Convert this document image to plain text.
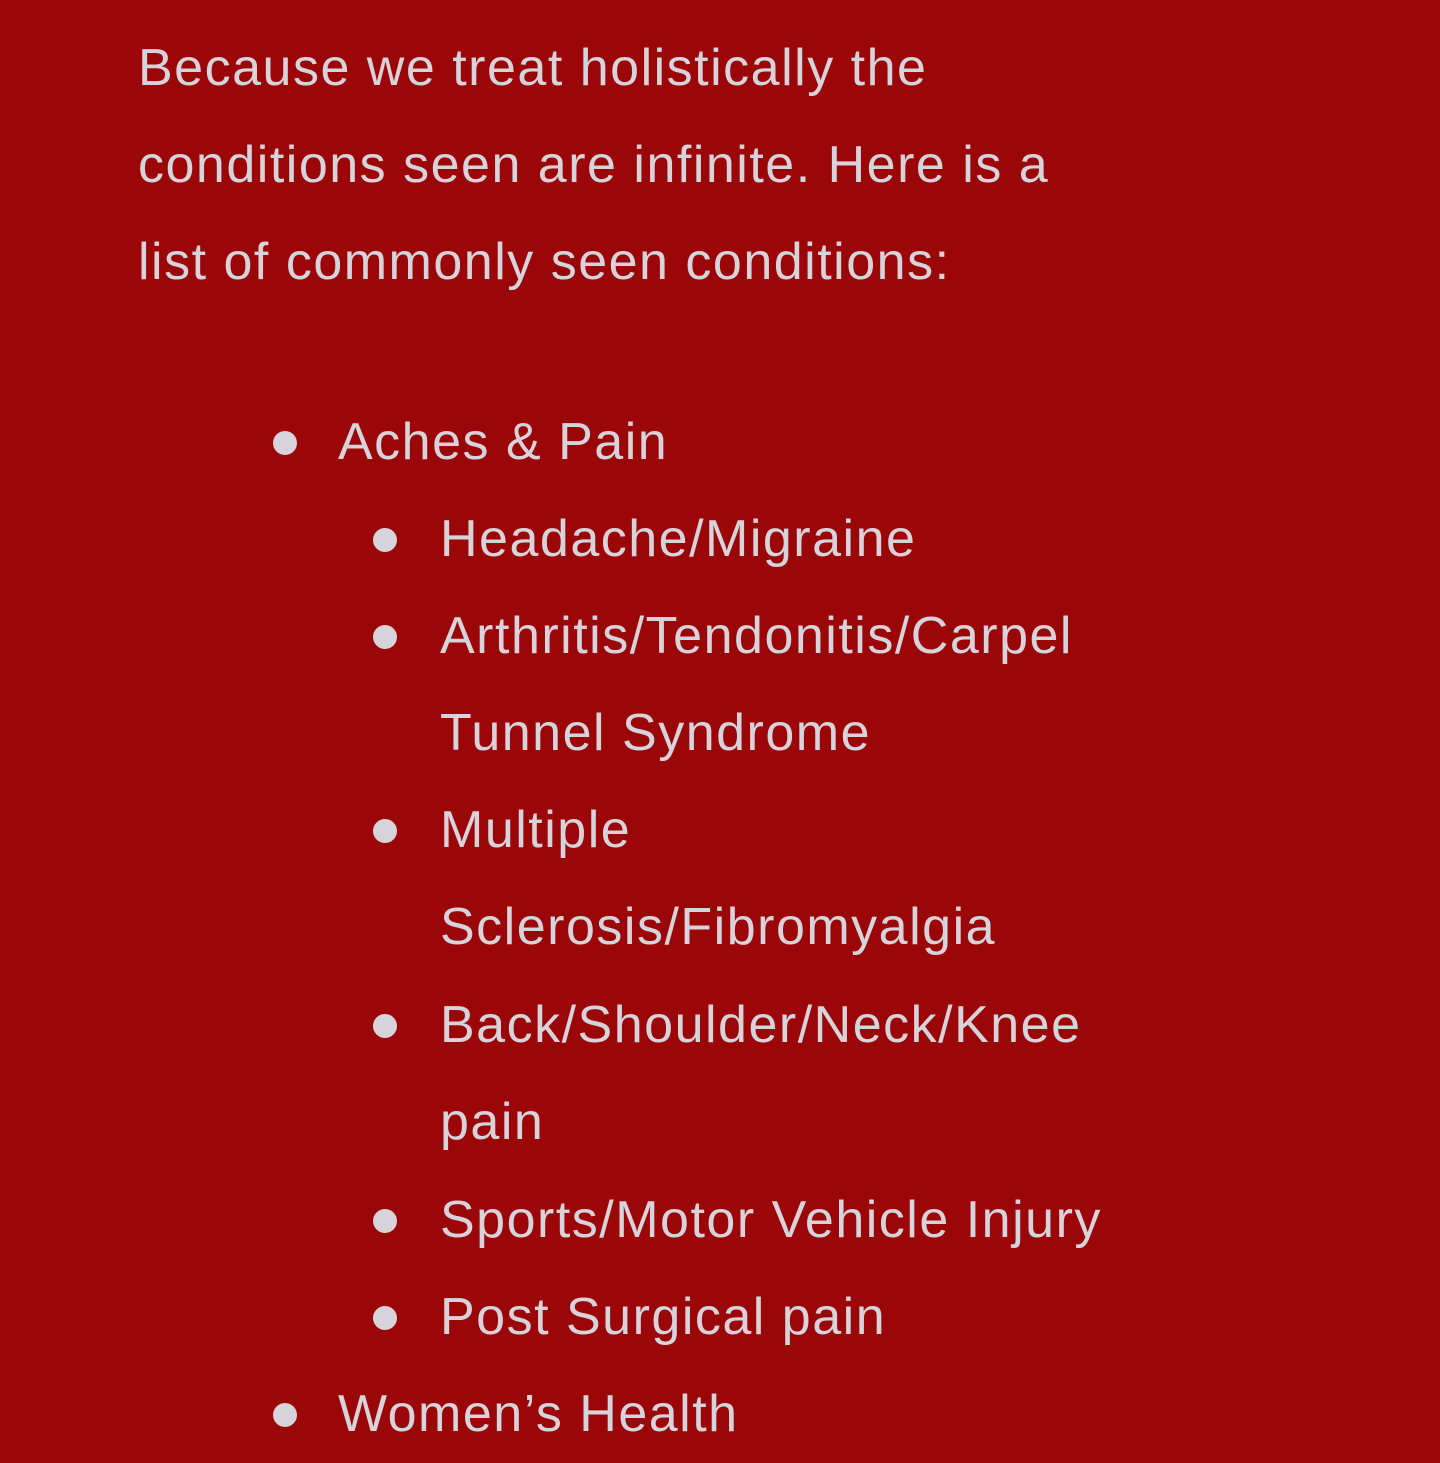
Because we treat holistically the
conditions seen are infinite. Here is a
list of commonly seen conditions:

Aches & Pain
Headache/Migraine
Arthritis/Tendonitis/Carpel
Tunnel Syndrome
Multiple
Sclerosis/Fibromyalgia
Back/Shoulder/Neck/Knee
pain
Sports/Motor Vehicle Injury
Post Surgical pain
Women’s Health
